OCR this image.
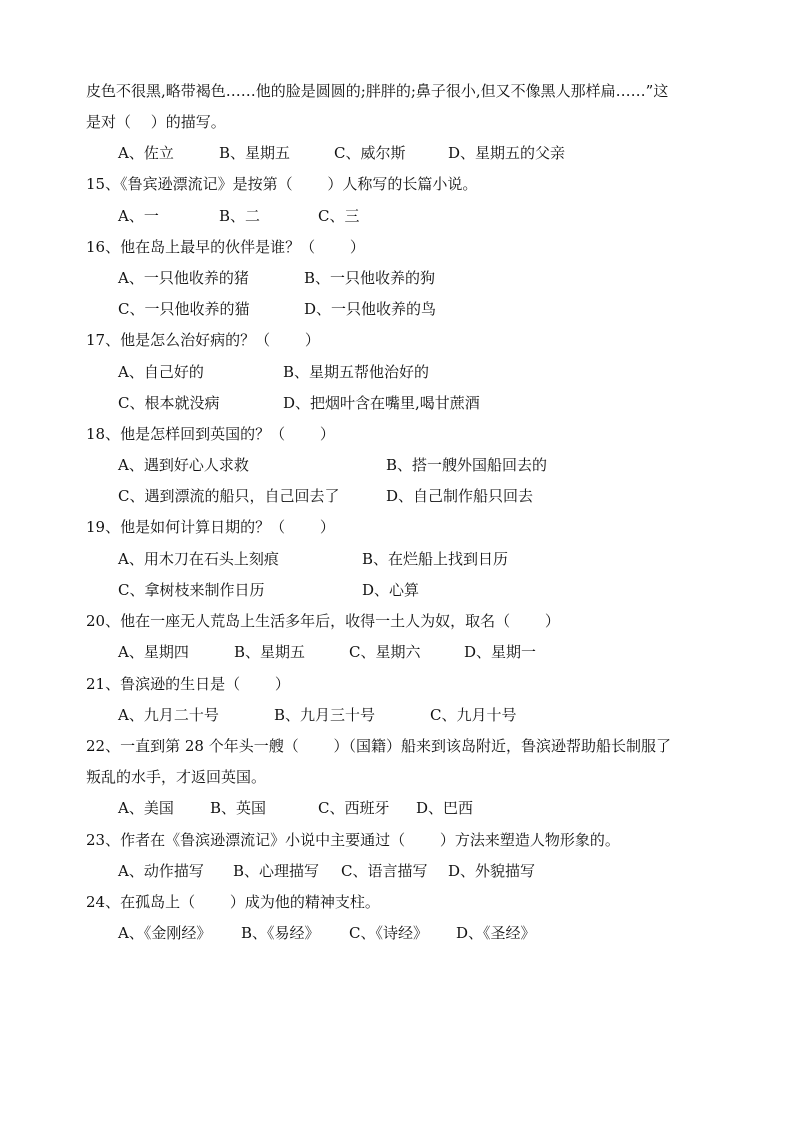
皮色不很黑,略带褐色……他的脸是圆圆的;胖胖的;鼻子很小,但又不像黑人那样扁……”这
是对（　 ）的描写。
A、佐立	B、星期五	C、威尔斯	D、星期五的父亲
15、《鲁宾逊漂流记》是按第（　　 ）人称写的长篇小说。
A、一	B、二	C、三
16、他在岛上最早的伙伴是谁？（　　 ）
A、一只他收养的猪	B、一只他收养的狗
C、一只他收养的猫	D、一只他收养的鸟
17、他是怎么治好病的？（　　 ）
A、自己好的	B、星期五帮他治好的
C、根本就没病	D、把烟叶含在嘴里,喝甘蔗酒
18、他是怎样回到英国的？（　　 ）
A、遇到好心人求救	B、搭一艘外国船回去的
C、遇到漂流的船只，自己回去了	D、自己制作船只回去
19、他是如何计算日期的？（　　 ）
A、用木刀在石头上刻痕	B、在烂船上找到日历
C、拿树枝来制作日历	D、心算
20、他在一座无人荒岛上生活多年后，收得一土人为奴，取名（　　 ）
A、星期四	B、星期五	C、星期六	D、星期一
21、鲁滨逊的生日是（　　 ）
A、九月二十号	B、九月三十号	C、九月十号
22、一直到第 28 个年头一艘（　　 ）（国籍）船来到该岛附近，鲁滨逊帮助船长制服了
叛乱的水手，才返回英国。
A、美国 B、英国	C、西班牙 D、巴西
23、作者在《鲁滨逊漂流记》小说中主要通过（　　 ）方法来塑造人物形象的。
A、动作描写 B、心理描写 C、语言描写 D、外貌描写
24、在孤岛上（　　 ）成为他的精神支柱。
A、《金刚经》 B、《易经》 C、《诗经》 D、《圣经》
